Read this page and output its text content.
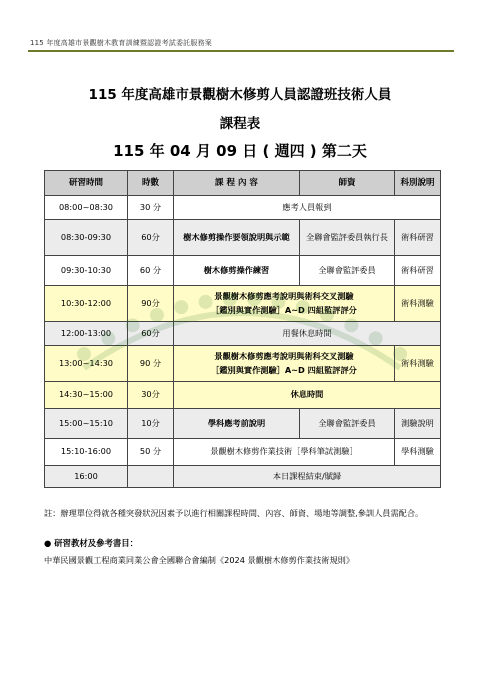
115 年度高雄市景觀樹木教育訓練暨認證考試委託服務案
115 年度高雄市景觀樹木修剪人員認證班技術人員
課程表
115 年 04 月 09 日 ( 週四 ) 第二天
研習時間	時數	課 程 內 容	師資	科別說明
08:00~08:30	30 分	應考人員報到		
08:30-09:30	60分	樹木修剪操作要領說明與示範	全聯會監評委員執行長	術科研習
09:30-10:30	60 分	樹木修剪操作練習	全聯會監評委員	術科研習
10:30-12:00	90分	景觀樹木修剪應考說明與術科交叉測驗
［鑑別與實作測驗］A~D 四組監評評分		術科測驗
12:00-13:00	60分	用餐休息時間		
13:00~14:30	90 分	景觀樹木修剪應考說明與術科交叉測驗
［鑑別與實作測驗］A~D 四組監評評分		術科測驗
14:30~15:00	30分	休息時間		
15:00~15:10	10分	學科應考前說明	全聯會監評委員	測驗說明
15:10-16:00	50 分	景觀樹木修剪作業技術［學科筆試測驗］		學科測驗
16:00		本日課程結束/賦歸		
註：辦理單位得就各種突發狀況因素予以進行相關課程時間、內容、師資、場地等調整,參訓人員需配合。
● 研習教材及參考書目：
中華民國景觀工程商業同業公會全國聯合會編制《2024 景觀樹木修剪作業技術規則》
